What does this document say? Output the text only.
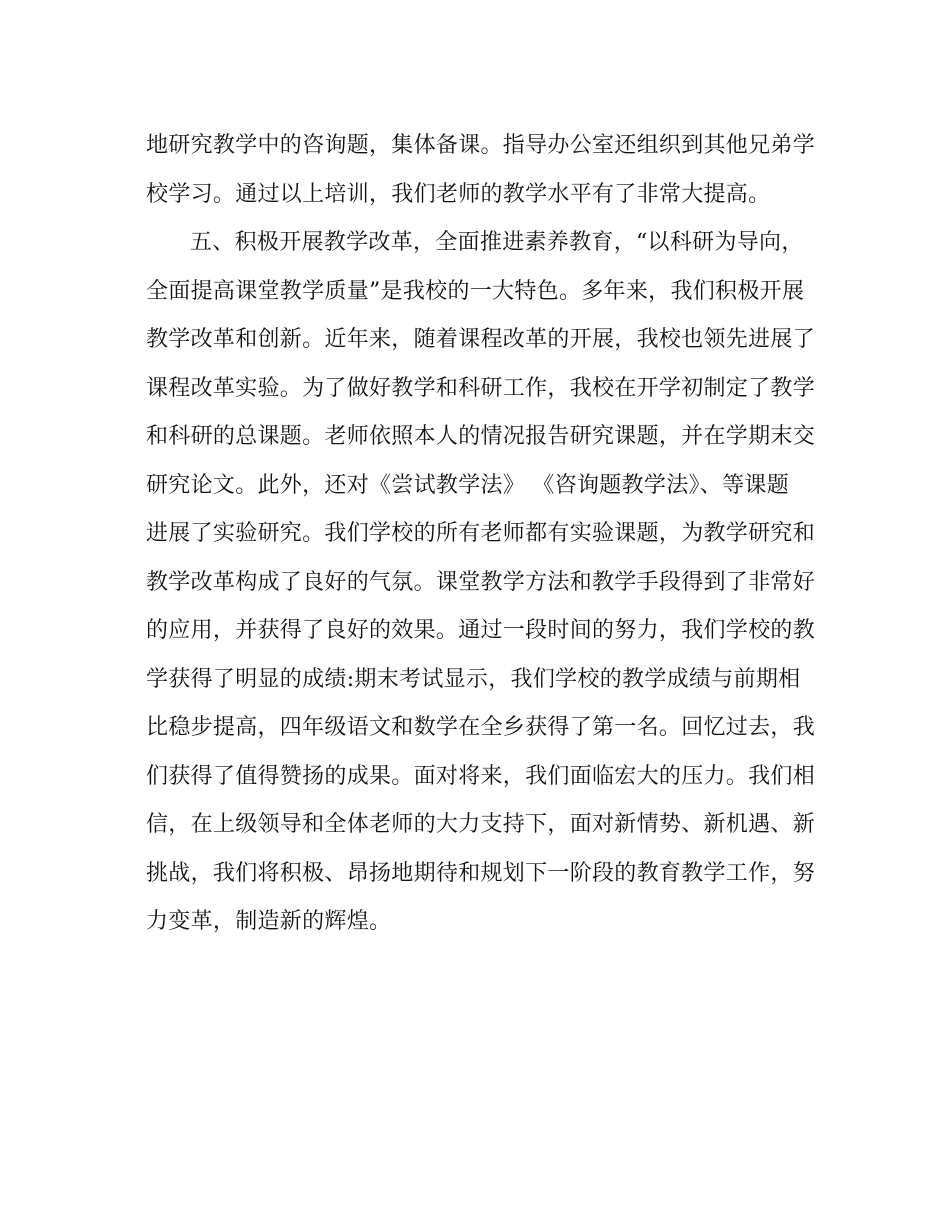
地研究教学中的咨询题，集体备课。指导办公室还组织到其他兄弟学
校学习。通过以上培训，我们老师的教学水平有了非常大提高。

五、积极开展教学改革，全面推进素养教育，“以科研为导向，
全面提高课堂教学质量”是我校的一大特色。多年来，我们积极开展
教学改革和创新。近年来，随着课程改革的开展，我校也领先进展了
课程改革实验。为了做好教学和科研工作，我校在开学初制定了教学
和科研的总课题。老师依照本人的情况报告研究课题，并在学期末交
研究论文。此外，还对《尝试教学法》 《咨询题教学法》、等课题
进展了实验研究。我们学校的所有老师都有实验课题，为教学研究和
教学改革构成了良好的气氛。课堂教学方法和教学手段得到了非常好
的应用，并获得了良好的效果。通过一段时间的努力，我们学校的教
学获得了明显的成绩:期末考试显示，我们学校的教学成绩与前期相
比稳步提高，四年级语文和数学在全乡获得了第一名。回忆过去，我
们获得了值得赞扬的成果。面对将来，我们面临宏大的压力。我们相
信，在上级领导和全体老师的大力支持下，面对新情势、新机遇、新
挑战，我们将积极、昂扬地期待和规划下一阶段的教育教学工作，努
力变革，制造新的辉煌。
